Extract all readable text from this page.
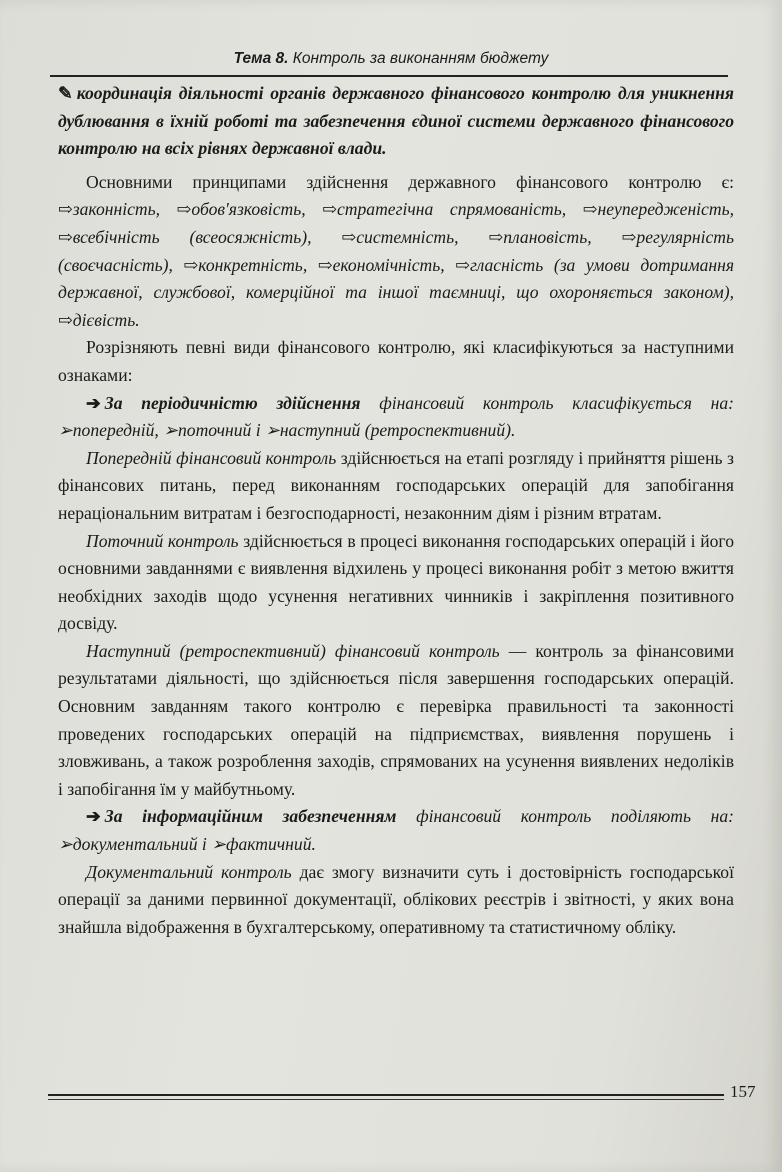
Тема 8. Контроль за виконанням бюджету

✎ координація діяльності органів державного фінансового контролю для уникнення дублювання в їхній роботі та забезпечення єдиної системи державного фінансового контролю на всіх рівнях державної влади.

Основними принципами здійснення державного фінансового контролю є: ⇨законність, ⇨обов'язковість, ⇨стратегічна спрямованість, ⇨неупередженість, ⇨всебічність (всеосяжність), ⇨системність, ⇨плановість, ⇨регулярність (своєчасність), ⇨конкретність, ⇨економічність, ⇨гласність (за умови дотримання державної, службової, комерційної та іншої таємниці, що охороняється законом), ⇨дієвість.

Розрізняють певні види фінансового контролю, які класифікуються за наступними ознаками:

➔ За періодичністю здійснення фінансовий контроль класифікується на: ➢попередній, ➢поточний і ➢наступний (ретроспективний).

Попередній фінансовий контроль здійснюється на етапі розгляду і прийняття рішень з фінансових питань, перед виконанням господарських операцій для запобігання нераціональним витратам і безгосподарності, незаконним діям і різним втратам.

Поточний контроль здійснюється в процесі виконання господарських операцій і його основними завданнями є виявлення відхилень у процесі виконання робіт з метою вжиття необхідних заходів щодо усунення негативних чинників і закріплення позитивного досвіду.

Наступний (ретроспективний) фінансовий контроль — контроль за фінансовими результатами діяльності, що здійснюється після завершення господарських операцій. Основним завданням такого контролю є перевірка правильності та законності проведених господарських операцій на підприємствах, виявлення порушень і зловживань, а також розроблення заходів, спрямованих на усунення виявлених недоліків і запобігання їм у майбутньому.

➔ За інформаційним забезпеченням фінансовий контроль поділяють на: ➢документальний і ➢фактичний.

Документальний контроль дає змогу визначити суть і достовірність господарської операції за даними первинної документації, облікових реєстрів і звітності, у яких вона знайшла відображення в бухгалтерському, оперативному та статистичному обліку.

157
